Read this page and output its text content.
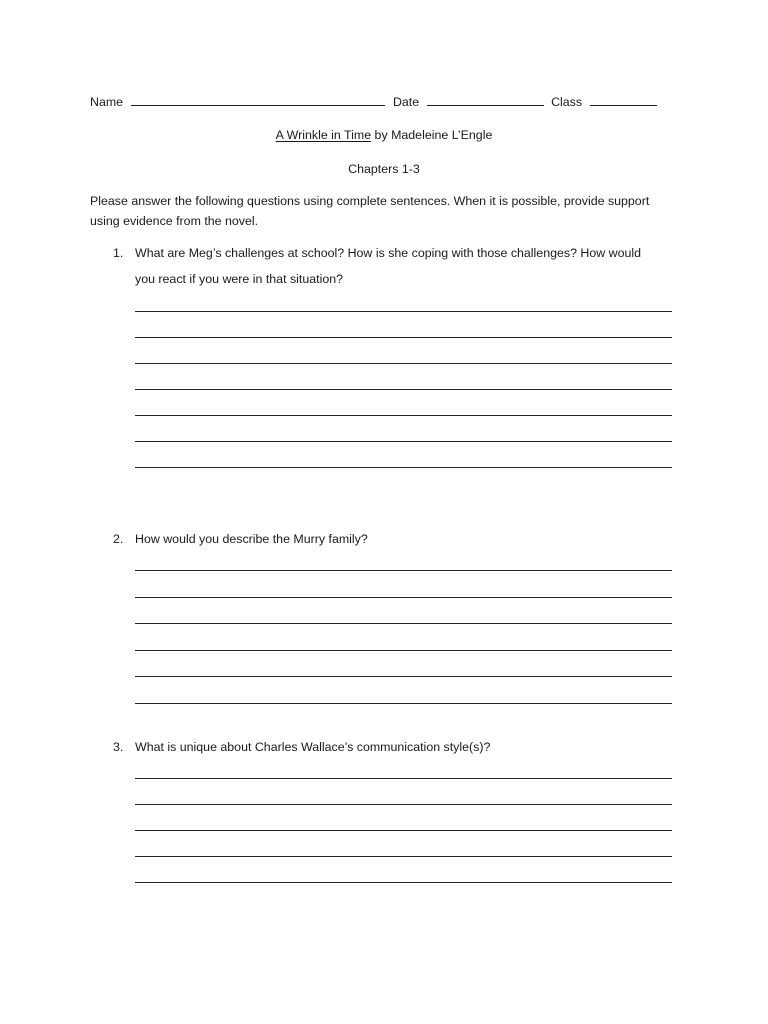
Name	Date	Class
A Wrinkle in Time by Madeleine L’Engle
Chapters 1-3
Please answer the following questions using complete sentences. When it is possible, provide support using evidence from the novel.
1. What are Meg’s challenges at school? How is she coping with those challenges? How would
you react if you were in that situation?
2. How would you describe the Murry family?
3. What is unique about Charles Wallace’s communication style(s)?
